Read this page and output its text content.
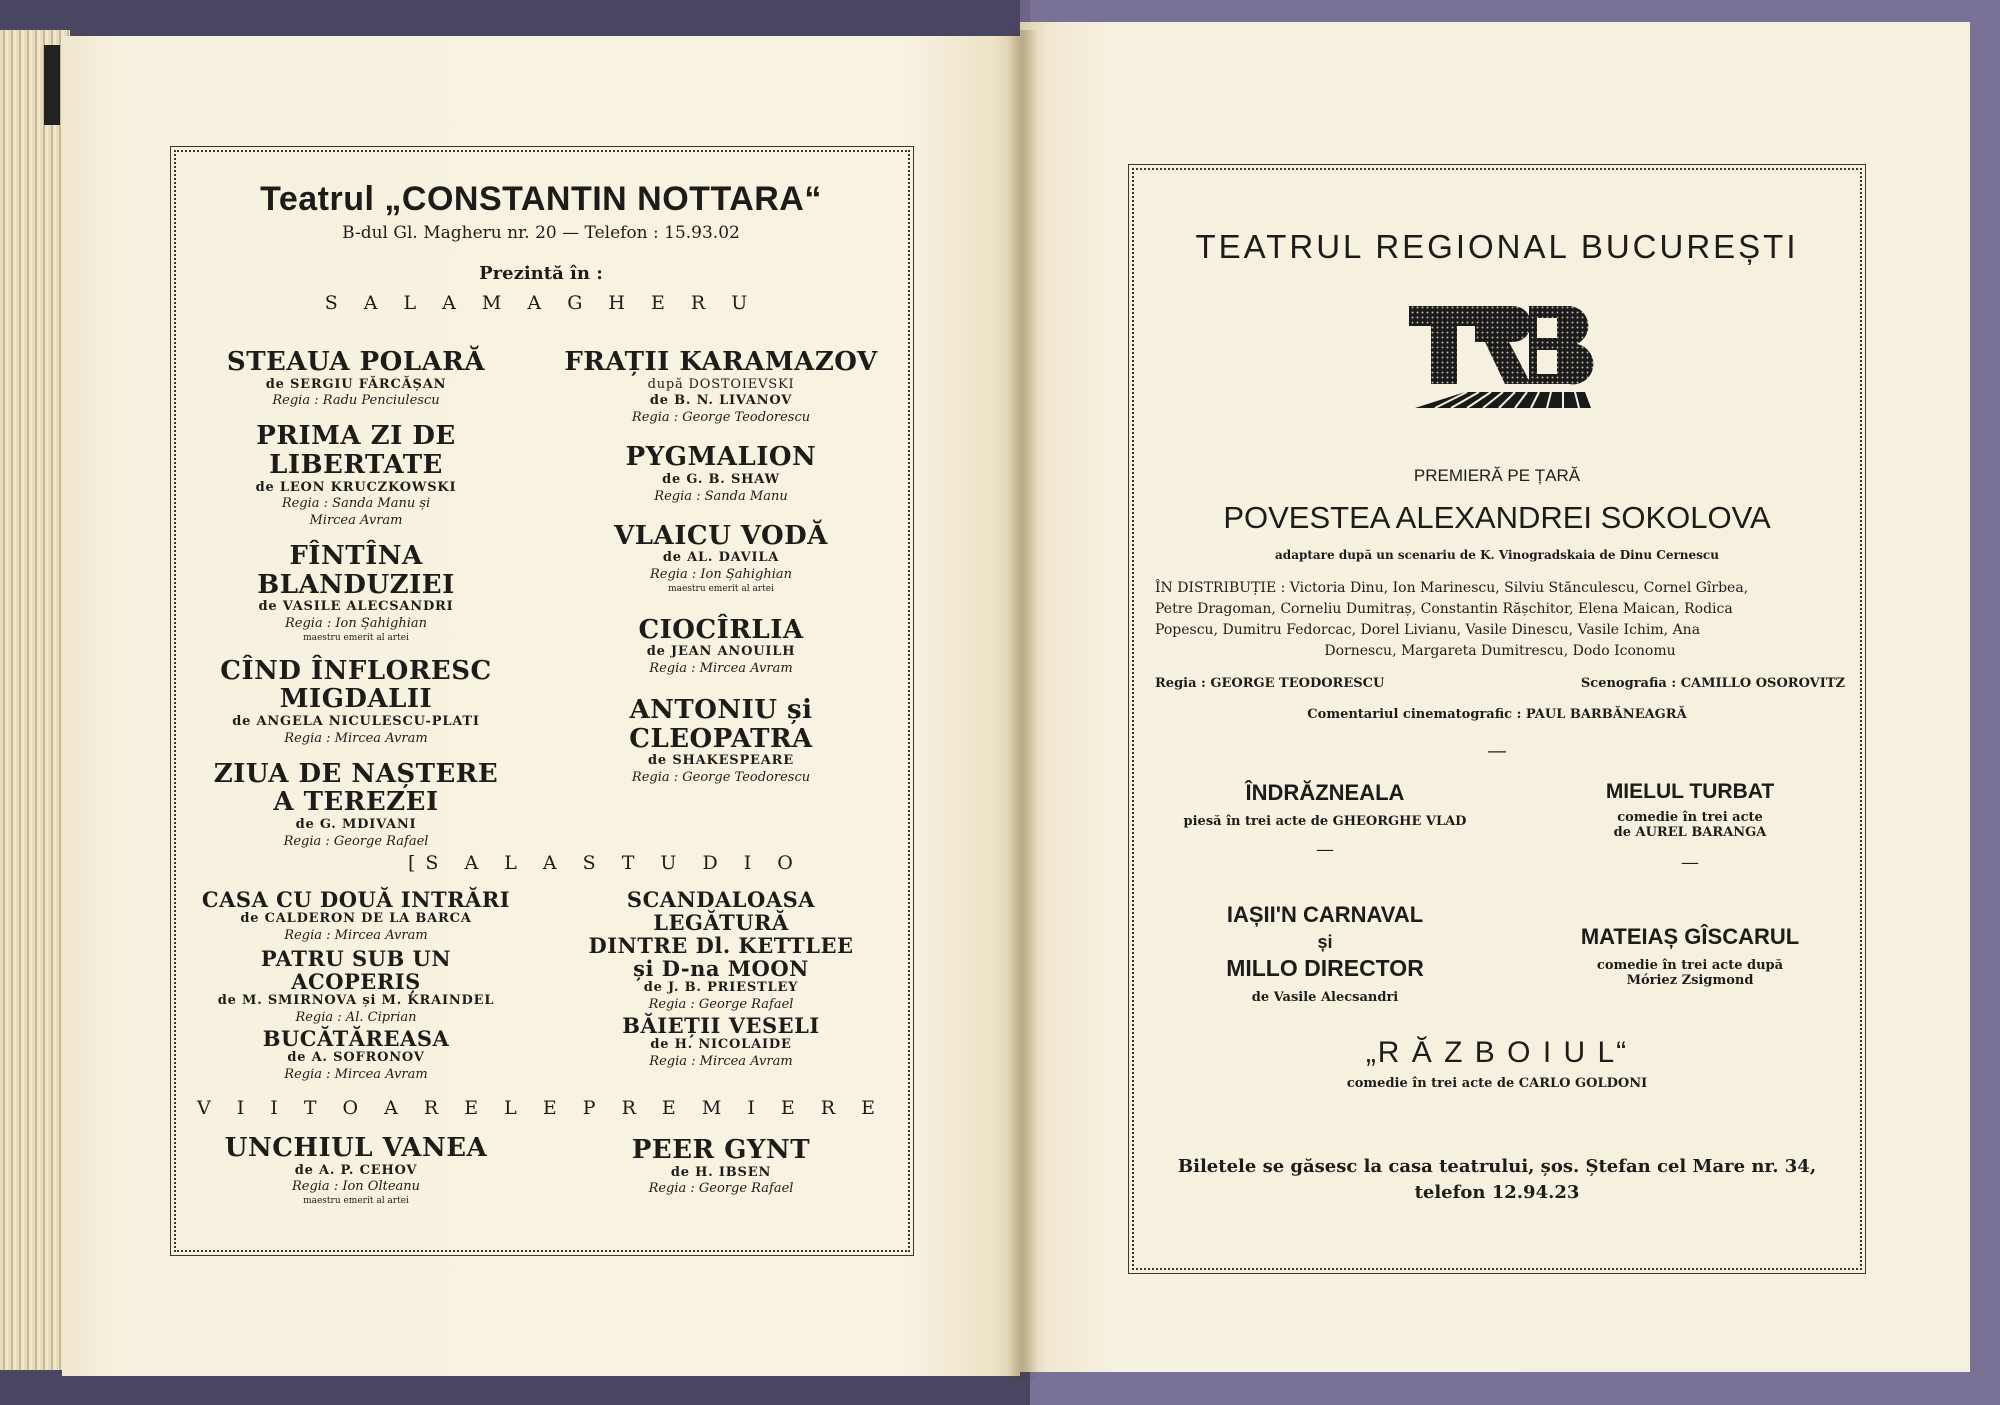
Teatrul „CONSTANTIN NOTTARA“
B-dul Gl. Magheru nr. 20 — Telefon : 15.93.02
Prezintă în :
S A L A M A G H E R U
STEAUA POLARĂ
de SERGIU FĂRCĂȘAN
Regia : Radu Penciulescu
PRIMA ZI DE
LIBERTATE
de LEON KRUCZKOWSKI
Regia : Sanda Manu și
Mircea Avram
FÎNTÎNA BLANDUZIEI
de VASILE ALECSANDRI
Regia : Ion Șahighian
maestru emerit al artei
CÎND ÎNFLORESC
MIGDALII
de ANGELA NICULESCU-PLATI
Regia : Mircea Avram
ZIUA DE NAȘTERE
A TEREZEI
de G. MDIVANI
Regia : George Rafael
FRAȚII KARAMAZOV
după DOSTOIEVSKI
de B. N. LIVANOV
Regia : George Teodorescu
PYGMALION
de G. B. SHAW
Regia : Sanda Manu
VLAICU VODĂ
de AL. DAVILA
Regia : Ion Șahighian
maestru emerit al artei
CIOCÎRLIA
de JEAN ANOUILH
Regia : Mircea Avram
ANTONIU și CLEOPATRA
de SHAKESPEARE
Regia : George Teodorescu
[S A L A S T U D I O
CASA CU DOUĂ INTRĂRI
de CALDERON DE LA BARCA
Regia : Mircea Avram
PATRU SUB UN ACOPERIȘ
de M. SMIRNOVA și M. KRAINDEL
Regia : Al. Ciprian
BUCĂTĂREASA
de A. SOFRONOV
Regia : Mircea Avram
SCANDALOASA LEGĂTURĂ
DINTRE Dl. KETTLEE
și D-na MOON
de J. B. PRIESTLEY
Regia : George Rafael
BĂIEȚII VESELI
de H. NICOLAIDE
Regia : Mircea Avram
V I I T O A R E L E P R E M I E R E
UNCHIUL VANEA
de A. P. CEHOV
Regia : Ion Olteanu
maestru emerit al artei
PEER GYNT
de H. IBSEN
Regia : George Rafael
TEATRUL REGIONAL BUCUREȘTI
PREMIERĂ PE ȚARĂ
POVESTEA ALEXANDREI SOKOLOVA
adaptare după un scenariu de K. Vinogradskaia de Dinu Cernescu
ÎN DISTRIBUȚIE : Victoria Dinu, Ion Marinescu, Silviu Stănculescu, Cornel Gîrbea,
Petre Dragoman, Corneliu Dumitraș, Constantin Rășchitor, Elena Maican, Rodica
Popescu, Dumitru Fedorcac, Dorel Livianu, Vasile Dinescu, Vasile Ichim, Ana
Dornescu, Margareta Dumitrescu, Dodo Iconomu
Regia : GEORGE TEODORESCU	Scenografia : CAMILLO OSOROVITZ
Comentariul cinematografic : PAUL BARBĂNEAGRĂ
—
ÎNDRĂZNEALA
piesă în trei acte de GHEORGHE VLAD
—
MIELUL TURBAT
comedie în trei acte
de AUREL BARANGA
—
IAȘII'N CARNAVAL
și
MILLO DIRECTOR
de Vasile Alecsandri
MATEIAȘ GÎSCARUL
comedie în trei acte după
Móriez Zsigmond
„R Ă Z B O I U L“
comedie în trei acte de CARLO GOLDONI
Biletele se găsesc la casa teatrului, șos. Ștefan cel Mare nr. 34,
telefon 12.94.23
